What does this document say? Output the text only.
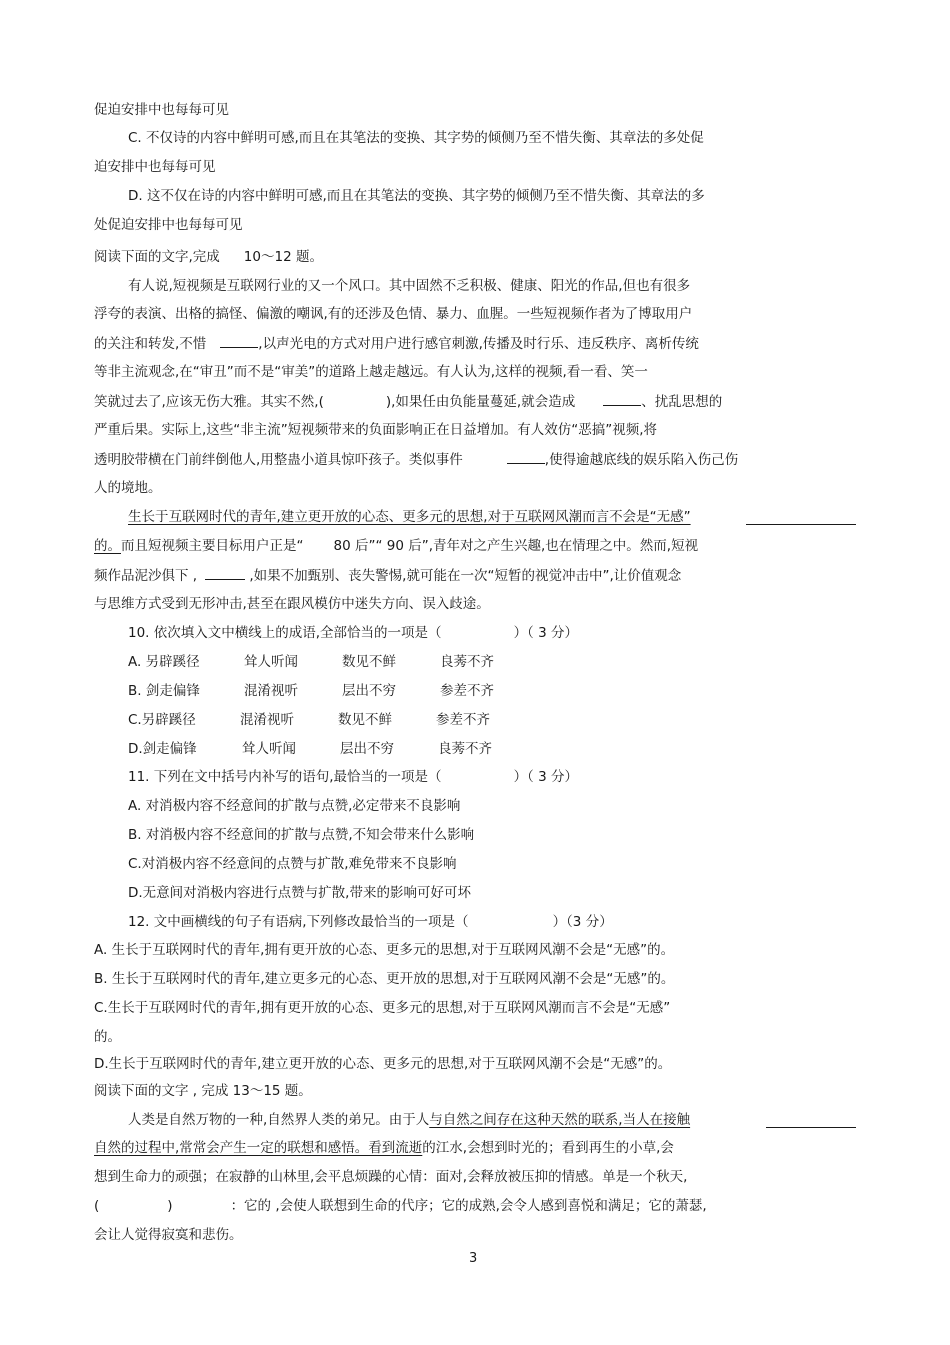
促迫安排中也每每可见
C. 不仅诗的内容中鲜明可感,而且在其笔法的变换、其字势的倾侧乃至不惜失衡、其章法的多处促
迫安排中也每每可见
D. 这不仅在诗的内容中鲜明可感,而且在其笔法的变换、其字势的倾侧乃至不惜失衡、其章法的多
处促迫安排中也每每可见
阅读下面的文字,完成 10～12 题。
有人说,短视频是互联网行业的又一个风口。其中固然不乏积极、健康、阳光的作品,但也有很多
浮夸的表演、出格的搞怪、偏激的嘲讽,有的还涉及色情、暴力、血腥。一些短视频作者为了博取用户
的关注和转发,不惜	,以声光电的方式对用户进行感官刺激,传播及时行乐、违反秩序、离析传统
等非主流观念,在“审丑”而不是“审美”的道路上越走越远。有人认为,这样的视频,看一看、笑一
笑就过去了,应该无伤大雅。其实不然,(	),如果任由负能量蔓延,就会造成	、扰乱思想的
严重后果。实际上,这些“非主流”短视频带来的负面影响正在日益增加。有人效仿“恶搞”视频,将
透明胶带横在门前绊倒他人,用整蛊小道具惊吓孩子。类似事件	,使得逾越底线的娱乐陷入伤己伤
人的境地。
生长于互联网时代的青年,建立更开放的心态、更多元的思想,对于互联网风潮而言不会是“无感”
的。而且短视频主要目标用户正是“ 80 后”“ 90 后”,青年对之产生兴趣,也在情理之中。然而,短视
频作品泥沙俱下 ,	,如果不加甄别、丧失警惕,就可能在一次“短暂的视觉冲击中”,让价值观念
与思维方式受到无形冲击,甚至在跟风模仿中迷失方向、误入歧途。
10. 依次填入文中横线上的成语,全部恰当的一项是（	）（ 3 分）
A. 另辟蹊径	耸人听闻	数见不鲜	良莠不齐
B. 剑走偏锋	混淆视听	层出不穷	参差不齐
C.另辟蹊径	混淆视听	数见不鲜	参差不齐
D.剑走偏锋	耸人听闻	层出不穷	良莠不齐
11. 下列在文中括号内补写的语句,最恰当的一项是（	）（ 3 分）
A. 对消极内容不经意间的扩散与点赞,必定带来不良影响
B. 对消极内容不经意间的扩散与点赞,不知会带来什么影响
C.对消极内容不经意间的点赞与扩散,难免带来不良影响
D.无意间对消极内容进行点赞与扩散,带来的影响可好可坏
12. 文中画横线的句子有语病,下列修改最恰当的一项是（	）（3 分）
A. 生长于互联网时代的青年,拥有更开放的心态、更多元的思想,对于互联网风潮不会是“无感”的。
B. 生长于互联网时代的青年,建立更多元的心态、更开放的思想,对于互联网风潮不会是“无感”的。
C.生长于互联网时代的青年,拥有更开放的心态、更多元的思想,对于互联网风潮而言不会是“无感”
的。
D.生长于互联网时代的青年,建立更开放的心态、更多元的思想,对于互联网风潮不会是“无感”的。
阅读下面的文字 , 完成 13～15 题。
人类是自然万物的一种,自然界人类的弟兄。由于人与自然之间存在这种天然的联系,当人在接触
自然的过程中,常常会产生一定的联想和感悟。看到流逝的江水,会想到时光的；看到再生的小草,会
想到生命力的顽强；在寂静的山林里,会平息烦躁的心情：面对,会释放被压抑的情感。单是一个秋天,
(	)	：它的 ,会使人联想到生命的代序；它的成熟,会令人感到喜悦和满足；它的萧瑟,
会让人觉得寂寞和悲伤。
3
